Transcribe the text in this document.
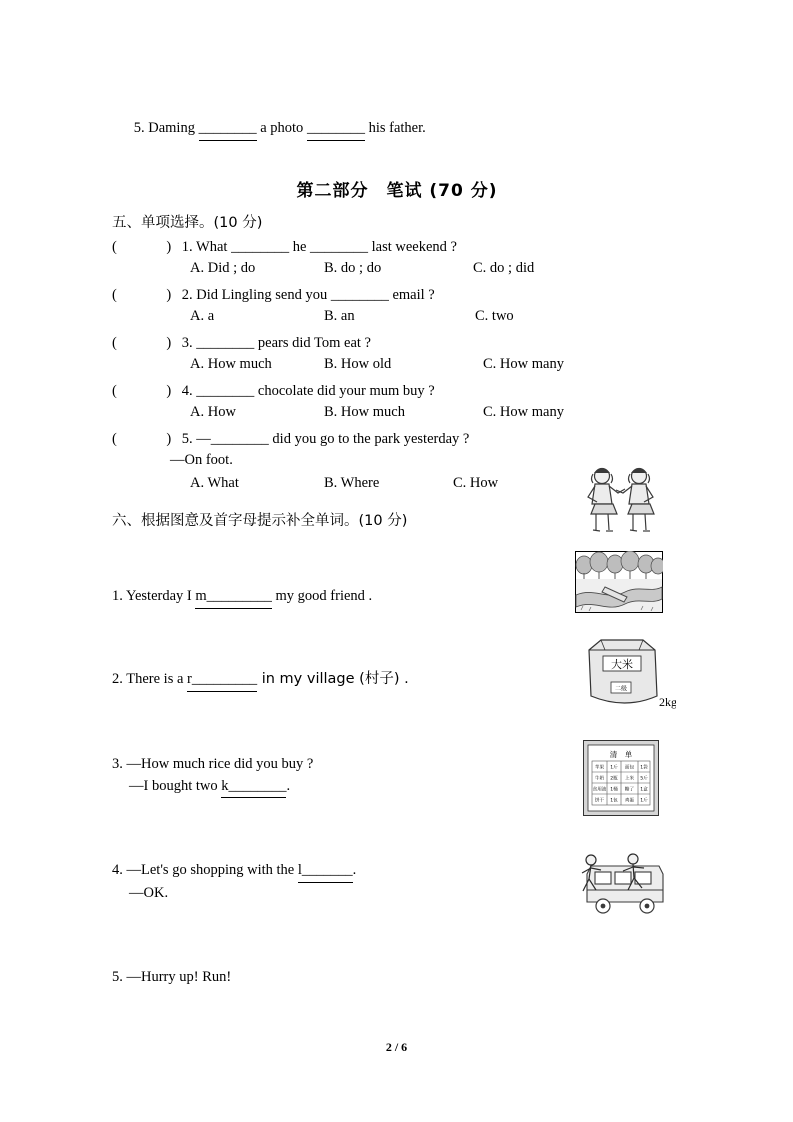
5. Daming ________ a photo ________ his father.

第二部分　笔试 (70 分)
五、单项选择。(10 分)
(    ) 1. What ________ he ________ last weekend ?
A. Did ; do	B. do ; do	C. do ; did
(    ) 2. Did Lingling send you ________ email ?
A. a	B. an	C. two
(    ) 3. ________ pears did Tom eat ?
A. How much	B. How old	C. How many
(    ) 4. ________ chocolate did your mum buy ?
A. How	B. How much	C. How many
(    ) 5. —________ did you go to the park yesterday ?
—On foot.
A. What	B. Where	C. How
六、根据图意及首字母提示补全单词。(10 分)
1. Yesterday I m_________ my good friend .
2. There is a r_________ in my village (村子) .
3. —How much rice did you buy ?
—I bought two k________.
4. —Let's go shopping with the l_______.
—OK.
5. —Hurry up! Run!
大米
二级
2kg
清　单
苹果 1斤 面包 1袋
牛奶 2瓶 上米 5斤
食用油 1桶 糖了 1盒
饼干 1包 鸡蛋 1斤
2 / 6
